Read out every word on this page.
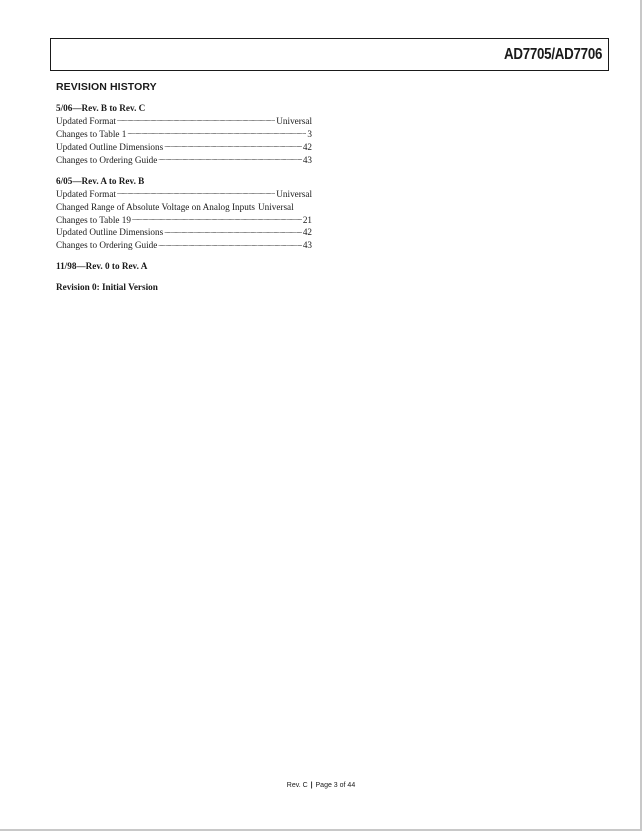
AD7705/AD7706
REVISION HISTORY
5/06—Rev. B to Rev. C
Updated Format .....	Universal
Changes to Table 1 .....	3
Updated Outline Dimensions .....	42
Changes to Ordering Guide .....	43
6/05—Rev. A to Rev. B
Updated Format .....	Universal
Changed Range of Absolute Voltage on Analog Inputs Universal
Changes to Table 19 .....	21
Updated Outline Dimensions .....	42
Changes to Ordering Guide .....	43
11/98—Rev. 0 to Rev. A
Revision 0: Initial Version
Rev. C | Page 3 of 44
